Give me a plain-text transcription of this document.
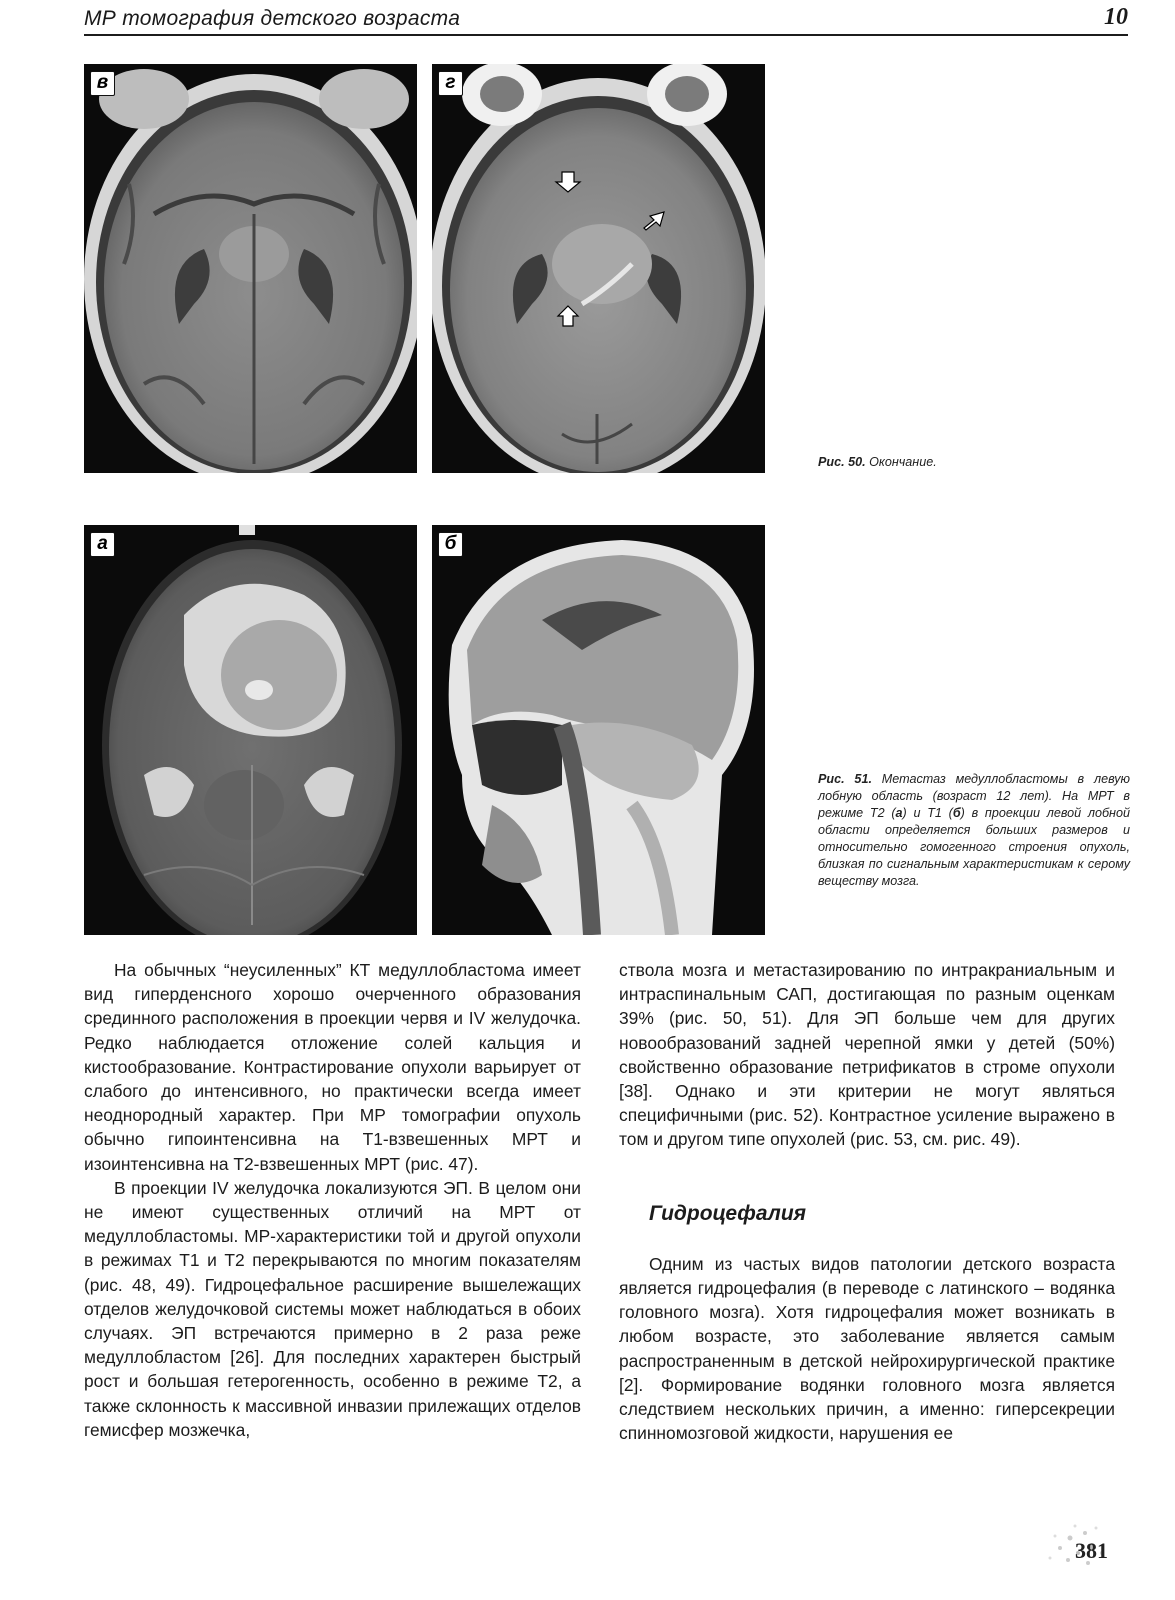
МР томография детского возраста	10
в	г
Рис. 50. Окончание.
а	б
Рис. 51. Метастаз медуллобластомы в левую лобную область (возраст 12 лет). На МРТ в режиме Т2 (а) и Т1 (б) в проекции левой лобной области определяется больших размеров и относительно гомогенного строения опухоль, близкая по сигнальным характеристикам к серому веществу мозга.

На обычных “неусиленных” КТ медуллобластома имеет вид гиперденсного хорошо очерченного образования срединного расположения в проекции червя и IV желудочка. Редко наблюдается отложение солей кальция и кистообразование. Контрастирование опухоли варьирует от слабого до интенсивного, но практически всегда имеет неоднородный характер. При МР томографии опухоль обычно гипоинтенсивна на Т1-взвешенных МРТ и изоинтенсивна на Т2-взвешенных МРТ (рис. 47).

В проекции IV желудочка локализуются ЭП. В целом они не имеют существенных отличий на МРТ от медуллобластомы. МР-характеристики той и другой опухоли в режимах Т1 и Т2 перекрываются по многим показателям (рис. 48, 49). Гидроцефальное расширение вышележащих отделов желудочковой системы может наблюдаться в обоих случаях. ЭП встречаются примерно в 2 раза реже медуллобластом [26]. Для последних характерен быстрый рост и большая гетерогенность, особенно в режиме Т2, а также склонность к массивной инвазии прилежащих отделов гемисфер мозжечка,

ствола мозга и метастазированию по интракраниальным и интраспинальным САП, достигающая по разным оценкам 39% (рис. 50, 51). Для ЭП больше чем для других новообразований задней черепной ямки у детей (50%) свойственно образование петрификатов в строме опухоли [38]. Однако и эти критерии не могут являться специфичными (рис. 52). Контрастное усиление выражено в том и другом типе опухолей (рис. 53, см. рис. 49).

Гидроцефалия

Одним из частых видов патологии детского возраста является гидроцефалия (в переводе с латинского – водянка головного мозга). Хотя гидроцефалия может возникать в любом возрасте, это заболевание является самым распространенным в детской нейрохирургической практике [2]. Формирование водянки головного мозга является следствием нескольких причин, а именно: гиперсекреции спинномозговой жидкости, нарушения ее

381
